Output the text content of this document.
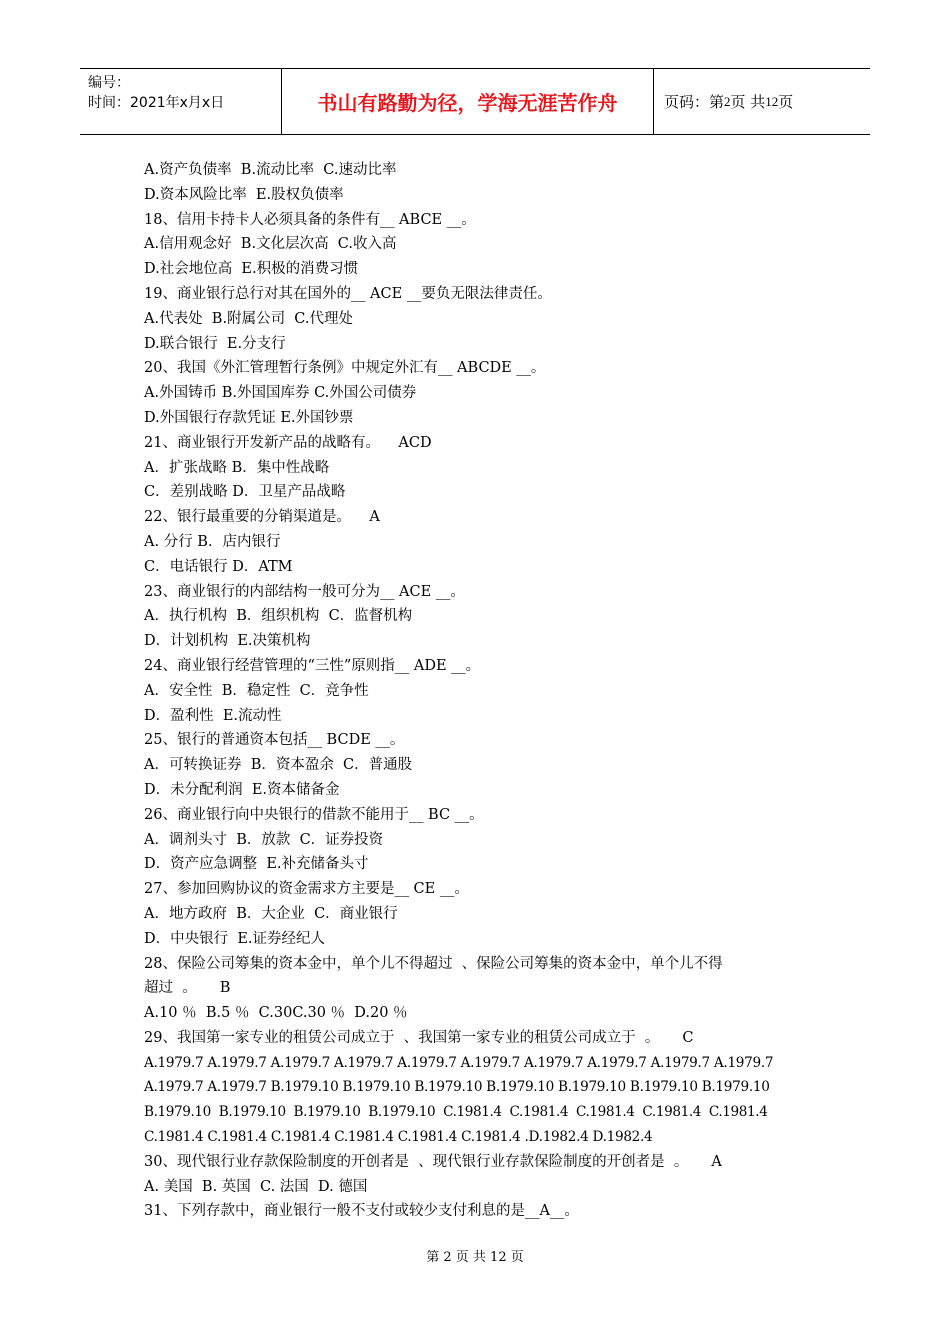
编号：
时间：2021年x月x日	书山有路勤为径，学海无涯苦作舟	页码：第 2 页 共 12 页
A.资产负债率  B.流动比率  C.速动比率
D.资本风险比率  E.股权负债率
18、信用卡持卡人必须具备的条件有__ ABCE __。
A.信用观念好  B.文化层次高  C.收入高
D.社会地位高  E.积极的消费习惯
19、商业银行总行对其在国外的__ ACE __要负无限法律责任。
A.代表处  B.附属公司  C.代理处
D.联合银行  E.分支行
20、我国《外汇管理暂行条例》中规定外汇有__ ABCDE __。
A.外国铸币 B.外国国库券 C.外国公司债券
D.外国银行存款凭证 E.外国钞票
21、商业银行开发新产品的战略有。    ACD
A．扩张战略 B．集中性战略
C．差别战略 D．卫星产品战略
22、银行最重要的分销渠道是。    A
A. 分行 B．店内银行
C．电话银行 D．ATM
23、商业银行的内部结构一般可分为__ ACE __。
A．执行机构  B．组织机构  C．监督机构
D．计划机构  E.决策机构
24、商业银行经营管理的“三性”原则指__ ADE __。
A．安全性  B．稳定性  C．竞争性
D．盈利性  E.流动性
25、银行的普通资本包括__ BCDE __。
A．可转换证券  B．资本盈余  C．普通股
D．未分配利润  E.资本储备金
26、商业银行向中央银行的借款不能用于__ BC __。
A．调剂头寸  B．放款  C．证券投资
D．资产应急调整  E.补充储备头寸
27、参加回购协议的资金需求方主要是__ CE __。
A．地方政府  B．大企业  C．商业银行
D．中央银行  E.证券经纪人
28、保险公司筹集的资本金中，单个儿不得超过  、保险公司筹集的资本金中，单个儿不得
超过  。     B
A.10 ％  B.5 ％  C.30C.30 ％  D.20 ％
29、我国第一家专业的租赁公司成立于  、我国第一家专业的租赁公司成立于  。     C
A.1979.7 A.1979.7 A.1979.7 A.1979.7 A.1979.7 A.1979.7 A.1979.7 A.1979.7 A.1979.7 A.1979.7
A.1979.7 A.1979.7 B.1979.10 B.1979.10 B.1979.10 B.1979.10 B.1979.10 B.1979.10 B.1979.10
B.1979.10  B.1979.10  B.1979.10  B.1979.10  C.1981.4  C.1981.4  C.1981.4  C.1981.4  C.1981.4
C.1981.4 C.1981.4 C.1981.4 C.1981.4 C.1981.4 C.1981.4 .D.1982.4 D.1982.4
30、现代银行业存款保险制度的开创者是  、现代银行业存款保险制度的开创者是  。     A
A. 美国  B. 英国  C. 法国  D. 德国
31、下列存款中，商业银行一般不支付或较少支付利息的是__A__。
第 2 页 共 12 页
